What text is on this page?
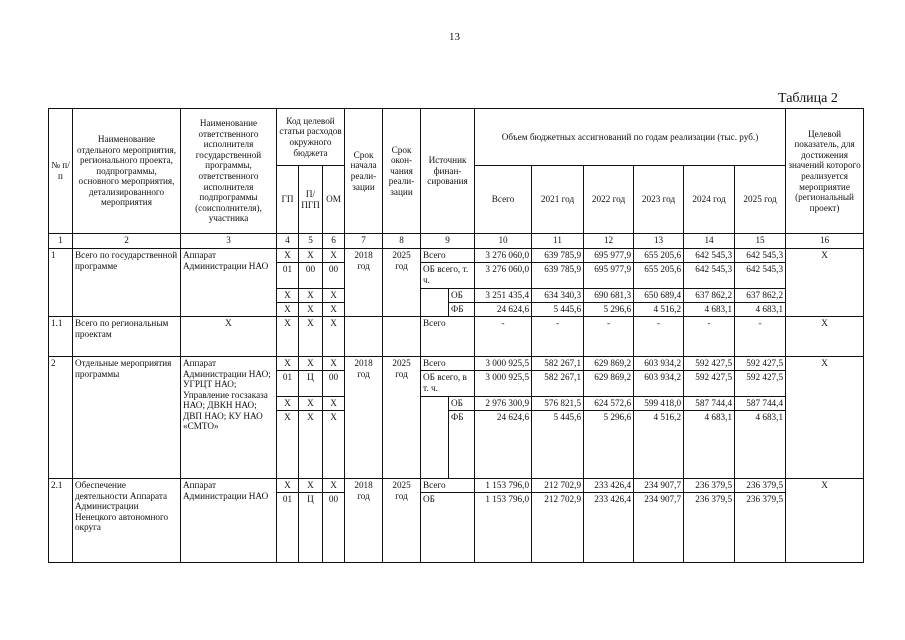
13
Таблица 2
№ п/п	Наименование отдельного мероприятия, регионального проекта, подпрограммы, основного мероприятия, детализированного мероприятия	Наименование ответственного исполнителя государственной программы, ответственного исполнителя подпрограммы (соисполнителя), участника	Код целевой статьи расходов окружного бюджета			Срок начала реали-зации	Срок окон-чания реали-зации	Источник финан-сирования		Объем бюджетных ассигнований по годам реализации (тыс. руб.)						Целевой показатель, для достижения значений которого реализуется мероприятие (региональный проект)
			ГП	П/ ПГП	ОМ					Всего	2021 год	2022 год	2023 год	2024 год	2025 год	
1	2	3	4	5	6	7	8	9		10	11	12	13	14	15	16
1	Всего по государственной программе	Аппарат Администрации НАО	Х	Х	Х	2018 год	2025 год	Всего		3 276 060,0	639 785,9	695 977,9	655 205,6	642 545,3	642 545,3	Х
			01	00	00			ОБ всего, т. ч.		3 276 060,0	639 785,9	695 977,9	655 205,6	642 545,3	642 545,3	
			Х	Х	Х				ОБ	3 251 435,4	634 340,3	690 681,3	650 689,4	637 862,2	637 862,2	
			Х	Х	Х				ФБ	24 624,6	5 445,6	5 296,6	4 516,2	4 683,1	4 683,1	
1.1	Всего по региональным проектам	Х	Х	Х	Х			Всего		-	-	-	-	-	-	Х
2	Отдельные мероприятия программы	Аппарат Администрации НАО; УГРЦТ НАО; Управление госзаказа НАО; ДВКН НАО; ДВП НАО; КУ НАО «СМТО»	Х	Х	Х	2018 год	2025 год	Всего		3 000 925,5	582 267,1	629 869,2	603 934,2	592 427,5	592 427,5	Х
			01	Ц	00			ОБ всего, в т. ч.		3 000 925,5	582 267,1	629 869,2	603 934,2	592 427,5	592 427,5	
			Х	Х	Х				ОБ	2 976 300,9	576 821,5	624 572,6	599 418,0	587 744,4	587 744,4	
			Х	Х	Х				ФБ	24 624,6	5 445,6	5 296,6	4 516,2	4 683,1	4 683,1	
2.1	Обеспечение деятельности Аппарата Администрации Ненецкого автономного округа	Аппарат Администрации НАО	Х	Х	Х	2018 год	2025 год	Всего		1 153 796,0	212 702,9	233 426,4	234 907,7	236 379,5	236 379,5	Х
			01	Ц	00			ОБ		1 153 796,0	212 702,9	233 426,4	234 907,7	236 379,5	236 379,5	
